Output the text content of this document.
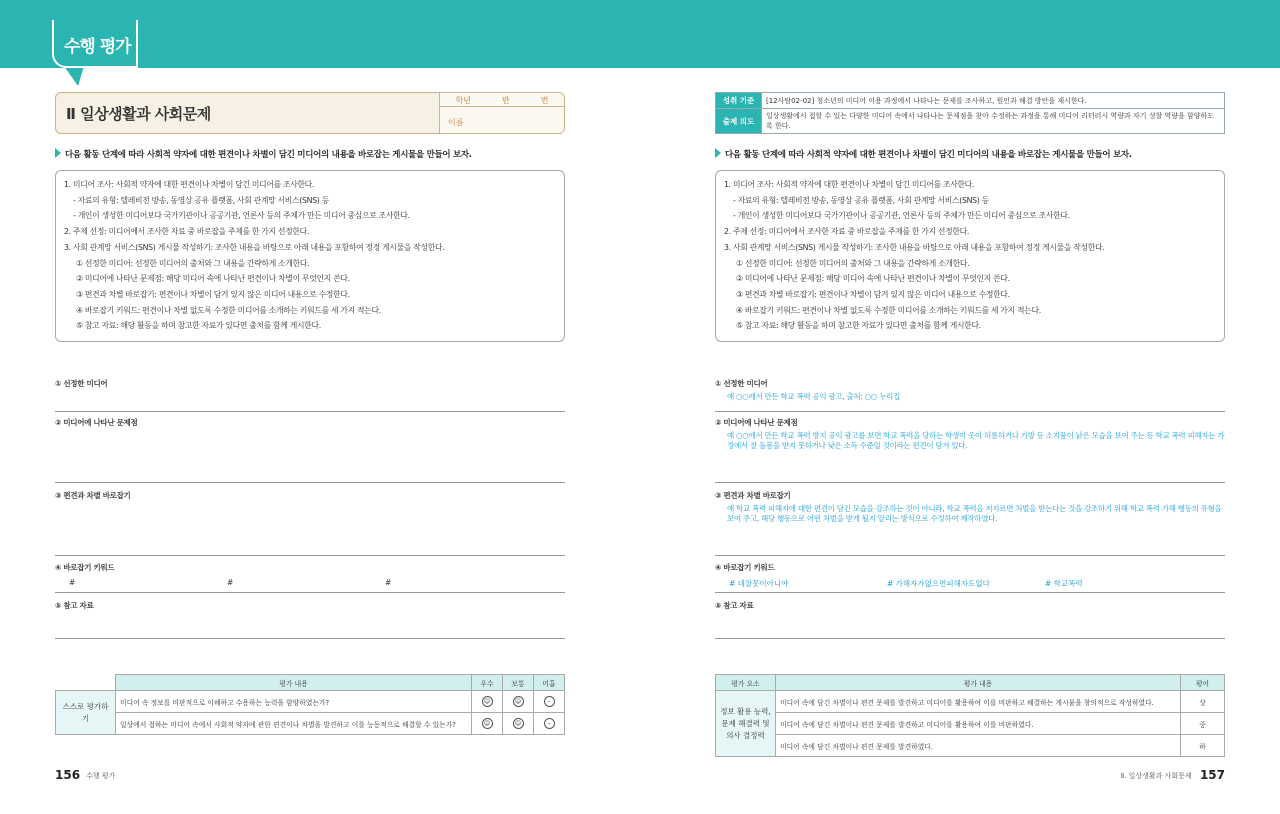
수행 평가
Ⅱ 일상생활과 사회문제
학년	반	번
이름
다음 활동 단계에 따라 사회적 약자에 대한 편견이나 차별이 담긴 미디어의 내용을 바로잡는 게시물을 만들어 보자.
1. 미디어 조사: 사회적 약자에 대한 편견이나 차별이 담긴 미디어를 조사한다.
- 자료의 유형: 텔레비전 방송, 동영상 공유 플랫폼, 사회 관계망 서비스(SNS) 등
- 개인이 생성한 미디어보다 국가기관이나 공공기관, 언론사 등의 주체가 만든 미디어 중심으로 조사한다.
2. 주제 선정: 미디어에서 조사한 자료 중 바로잡을 주제를 한 가지 선정한다.
3. 사회 관계망 서비스(SNS) 게시물 작성하기: 조사한 내용을 바탕으로 아래 내용을 포함하여 정정 게시물을 작성한다.
① 선정한 미디어: 선정한 미디어의 출처와 그 내용을 간략하게 소개한다.
② 미디어에 나타난 문제점: 해당 미디어 속에 나타난 편견이나 차별이 무엇인지 쓴다.
③ 편견과 차별 바로잡기: 편견이나 차별이 담겨 있지 않은 미디어 내용으로 수정한다.
④ 바로잡기 키워드: 편견이나 차별 없도록 수정한 미디어를 소개하는 키워드를 세 가지 적는다.
⑤ 참고 자료: 해당 활동을 하며 참고한 자료가 있다면 출처를 함께 게시한다.
① 선정한 미디어
② 미디어에 나타난 문제점
③ 편견과 차별 바로잡기
④ 바로잡기 키워드
#	#	#
⑤ 참고 자료
	평가 내용	우수	보통	미흡
스스로 평가하기	미디어 속 정보를 비판적으로 이해하고 수용하는 능력을 함양하였는가?	☺	☺	–
	일상에서 접하는 미디어 속에서 사회적 약자에 관한 편견이나 차별을 발견하고 이를 능동적으로 해결할 수 있는가?	☺	☺	–
156 수행 평가
성취 기준	[12사탐02-02] 청소년의 미디어 이용 과정에서 나타나는 문제를 조사하고, 원인과 해결 방안을 제시한다.
출제 의도	일상생활에서 접할 수 있는 다양한 미디어 속에서 나타나는 문제점을 찾아 수정하는 과정을 통해 미디어 리터러시 역량과 자기 성찰 역량을 함양하도록 한다.
다음 활동 단계에 따라 사회적 약자에 대한 편견이나 차별이 담긴 미디어의 내용을 바로잡는 게시물을 만들어 보자.
1. 미디어 조사: 사회적 약자에 대한 편견이나 차별이 담긴 미디어를 조사한다.
- 자료의 유형: 텔레비전 방송, 동영상 공유 플랫폼, 사회 관계망 서비스(SNS) 등
- 개인이 생성한 미디어보다 국가기관이나 공공기관, 언론사 등의 주체가 만든 미디어 중심으로 조사한다.
2. 주제 선정: 미디어에서 조사한 자료 중 바로잡을 주제를 한 가지 선정한다.
3. 사회 관계망 서비스(SNS) 게시물 작성하기: 조사한 내용을 바탕으로 아래 내용을 포함하여 정정 게시물을 작성한다.
① 선정한 미디어: 선정한 미디어의 출처와 그 내용을 간략하게 소개한다.
② 미디어에 나타난 문제점: 해당 미디어 속에 나타난 편견이나 차별이 무엇인지 쓴다.
③ 편견과 차별 바로잡기: 편견이나 차별이 담겨 있지 않은 미디어 내용으로 수정한다.
④ 바로잡기 키워드: 편견이나 차별 없도록 수정한 미디어를 소개하는 키워드를 세 가지 적는다.
⑤ 참고 자료: 해당 활동을 하며 참고한 자료가 있다면 출처를 함께 게시한다.
① 선정한 미디어
예 ○○에서 만든 학교 폭력 공익 광고, 출처: ○○ 누리집
② 미디어에 나타난 문제점
예 ○○에서 만든 학교 폭력 방지 공익 광고를 보면 학교 폭력을 당하는 학생이 옷이 허름하거나 가방 등 소지품이 낡은 모습을 보여 주는 등 학교 폭력 피해자는 가정에서 잘 돌봄을 받지 못하거나 낮은 소득 수준일 것이라는 편견이 담겨 있다.
③ 편견과 차별 바로잡기
예 학교 폭력 피해자에 대한 편견이 담긴 모습을 강조하는 것이 아니라, 학교 폭력을 저지르면 처벌을 받는다는 것을 강조하기 위해 학교 폭력 가해 행동의 유형을 보여 주고, 해당 행동으로 어떤 처벌을 받게 될지 알리는 방식으로 수정하여 제작하였다.
④ 바로잡기 키워드
# 네잘못이아니야	# 가해자가없으면피해자도없다	# 학교폭력
⑤ 참고 자료
평가 요소	평가 내용	평어
정보 활용 능력, 문제 해결력 및 의사 결정력	미디어 속에 담긴 차별이나 편견 문제를 발견하고 미디어를 활용하여 이를 비판하고 해결하는 게시물을 창의적으로 작성하였다.	상
	미디어 속에 담긴 차별이나 편견 문제를 발견하고 미디어를 활용하여 이를 비판하였다.	중
	미디어 속에 담긴 차별이나 편견 문제를 발견하였다.	하
Ⅱ. 일상생활과 사회문제 157
